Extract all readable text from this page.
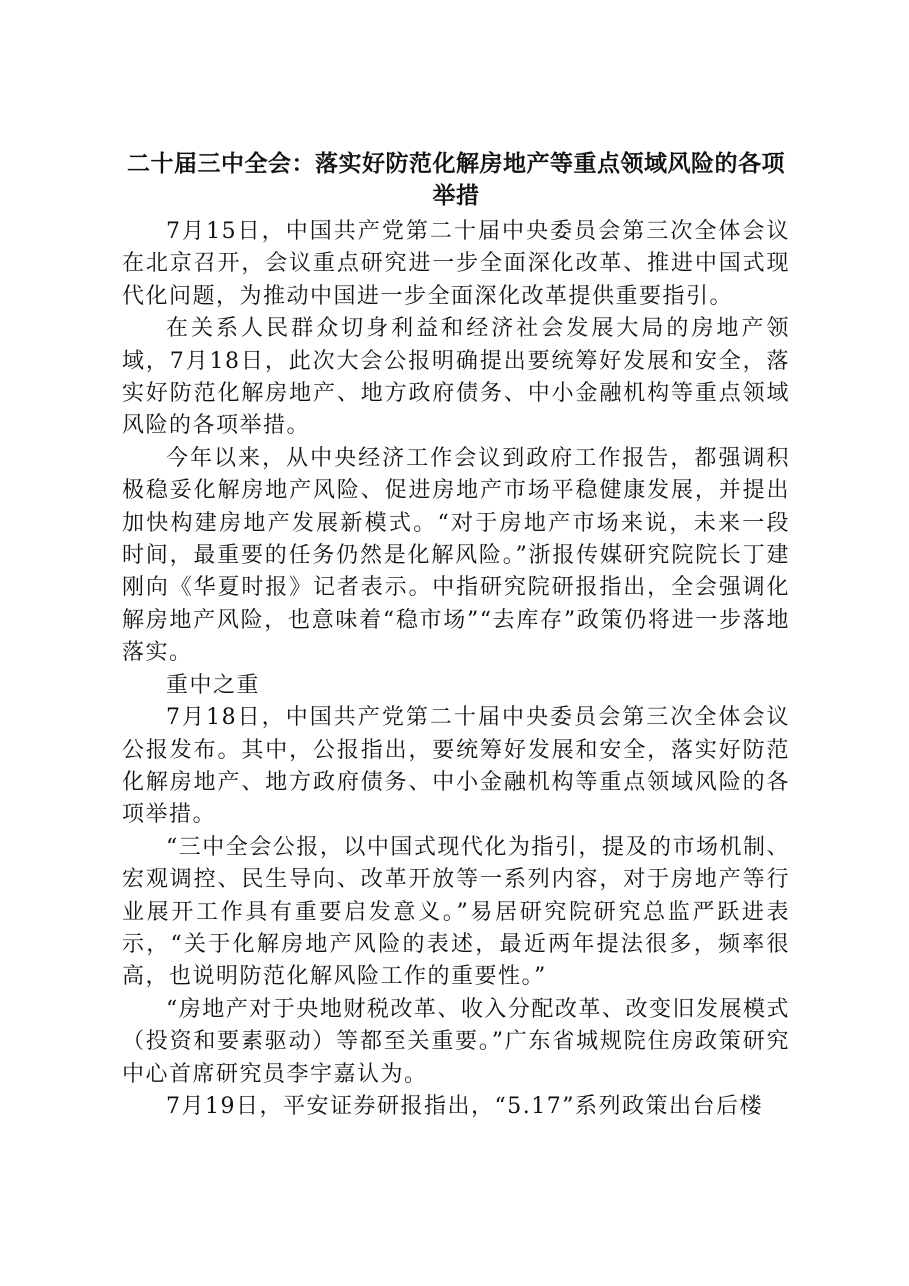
二十届三中全会：落实好防范化解房地产等重点领域风险的各项举措

7月15日，中国共产党第二十届中央委员会第三次全体会议在北京召开，会议重点研究进一步全面深化改革、推进中国式现代化问题，为推动中国进一步全面深化改革提供重要指引。

在关系人民群众切身利益和经济社会发展大局的房地产领域，7月18日，此次大会公报明确提出要统筹好发展和安全，落实好防范化解房地产、地方政府债务、中小金融机构等重点领域风险的各项举措。

今年以来，从中央经济工作会议到政府工作报告，都强调积极稳妥化解房地产风险、促进房地产市场平稳健康发展，并提出加快构建房地产发展新模式。“对于房地产市场来说，未来一段时间，最重要的任务仍然是化解风险。”浙报传媒研究院院长丁建刚向《华夏时报》记者表示。中指研究院研报指出，全会强调化解房地产风险，也意味着“稳市场”“去库存”政策仍将进一步落地落实。

重中之重

7月18日，中国共产党第二十届中央委员会第三次全体会议公报发布。其中，公报指出，要统筹好发展和安全，落实好防范化解房地产、地方政府债务、中小金融机构等重点领域风险的各项举措。

“三中全会公报，以中国式现代化为指引，提及的市场机制、宏观调控、民生导向、改革开放等一系列内容，对于房地产等行业展开工作具有重要启发意义。”易居研究院研究总监严跃进表示，“关于化解房地产风险的表述，最近两年提法很多，频率很高，也说明防范化解风险工作的重要性。”

“房地产对于央地财税改革、收入分配改革、改变旧发展模式（投资和要素驱动）等都至关重要。”广东省城规院住房政策研究中心首席研究员李宇嘉认为。

7月19日，平安证券研报指出，“5.17”系列政策出台后楼
